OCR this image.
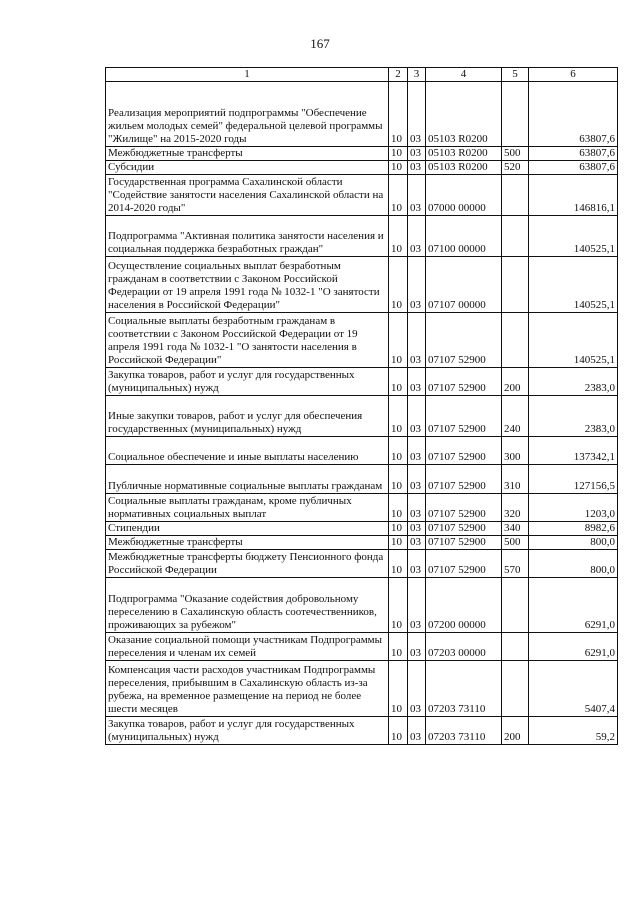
167
1	2	3	4	5	6
Реализация мероприятий подпрограммы "Обеспечение жильем молодых семей" федеральной целевой программы "Жилище" на 2015-2020 годы	10	03	05103 R0200		63807,6
Межбюджетные трансферты	10	03	05103 R0200	500	63807,6
Субсидии	10	03	05103 R0200	520	63807,6
Государственная программа Сахалинской области "Содействие занятости населения Сахалинской области на 2014-2020 годы"	10	03	07000 00000		146816,1
Подпрограмма "Активная политика занятости населения и социальная поддержка безработных граждан"	10	03	07100 00000		140525,1
Осуществление социальных выплат безработным гражданам в соответствии с Законом Российской Федерации от 19 апреля 1991 года № 1032-1 "О занятости населения в Российской Федерации"	10	03	07107 00000		140525,1
Социальные выплаты безработным гражданам в соответствии с Законом Российской Федерации от 19 апреля 1991 года № 1032-1 "О занятости населения в Российской Федерации"	10	03	07107 52900		140525,1
Закупка товаров, работ и услуг для государственных (муниципальных) нужд	10	03	07107 52900	200	2383,0
Иные закупки товаров, работ и услуг для обеспечения государственных (муниципальных) нужд	10	03	07107 52900	240	2383,0
Социальное обеспечение и иные выплаты населению	10	03	07107 52900	300	137342,1
Публичные нормативные социальные выплаты гражданам	10	03	07107 52900	310	127156,5
Социальные выплаты гражданам, кроме публичных нормативных социальных выплат	10	03	07107 52900	320	1203,0
Стипендии	10	03	07107 52900	340	8982,6
Межбюджетные трансферты	10	03	07107 52900	500	800,0
Межбюджетные трансферты бюджету Пенсионного фонда Российской Федерации	10	03	07107 52900	570	800,0
Подпрограмма "Оказание содействия добровольному переселению в Сахалинскую область соотечественников, проживающих за рубежом"	10	03	07200 00000		6291,0
Оказание социальной помощи участникам Подпрограммы переселения и членам их семей	10	03	07203 00000		6291,0
Компенсация части расходов участникам Подпрограммы переселения, прибывшим в Сахалинскую область из-за рубежа, на временное размещение на период не более шести месяцев	10	03	07203 73110		5407,4
Закупка товаров, работ и услуг для государственных (муниципальных) нужд	10	03	07203 73110	200	59,2
